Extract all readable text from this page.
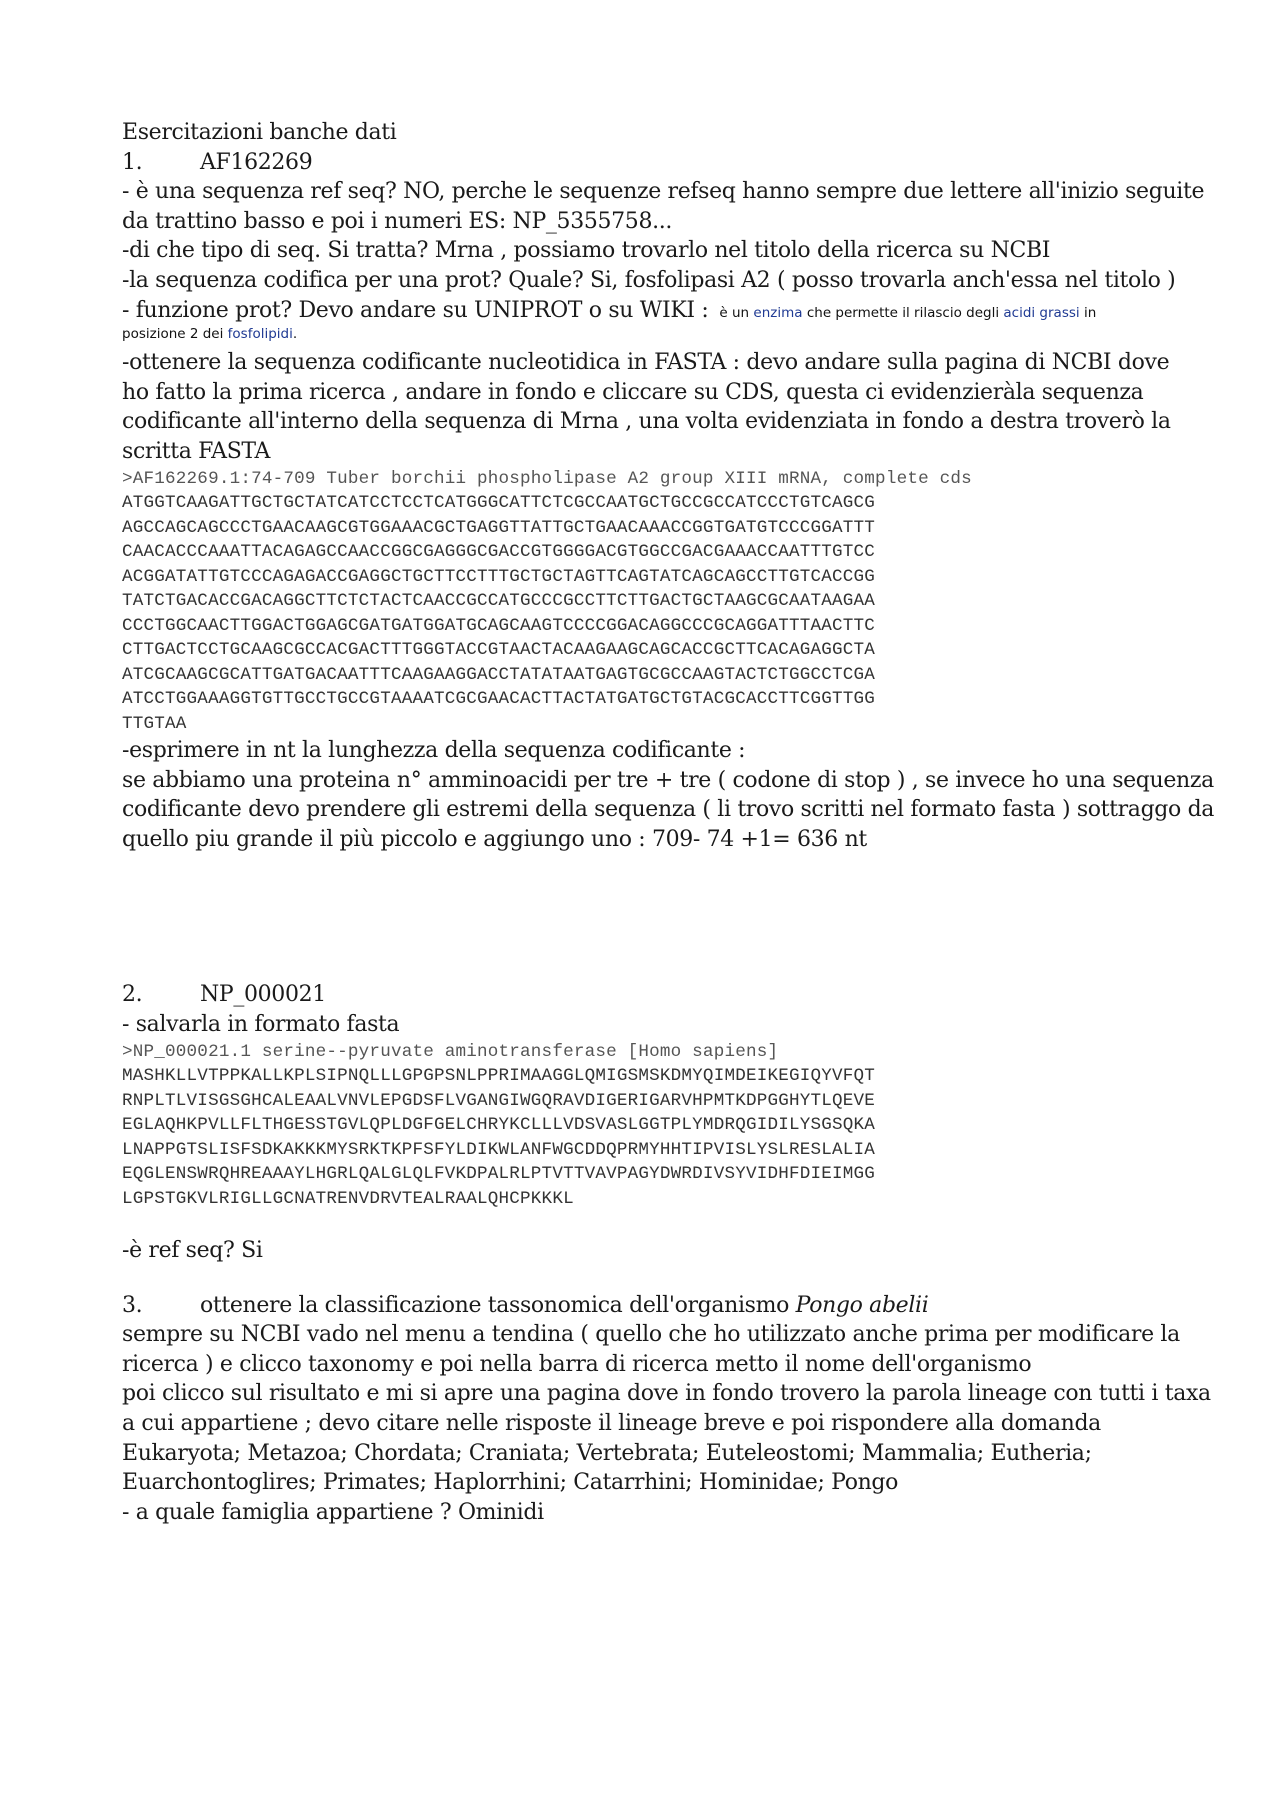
Esercitazioni banche dati
1.	AF162269
- è una sequenza ref seq? NO, perche le sequenze refseq hanno sempre due lettere all'inizio seguite
da trattino basso e poi i numeri ES: NP_5355758...
-di che tipo di seq. Si tratta? Mrna , possiamo trovarlo nel titolo della ricerca su NCBI
-la sequenza codifica per una prot? Quale? Si, fosfolipasi A2 ( posso trovarla anch'essa nel titolo )
- funzione prot? Devo andare su UNIPROT o su WIKI : è un enzima che permette il rilascio degli acidi grassi in
posizione 2 dei fosfolipidi.
-ottenere la sequenza codificante nucleotidica in FASTA : devo andare sulla pagina di NCBI dove
ho fatto la prima ricerca , andare in fondo e cliccare su CDS, questa ci evidenzieràla sequenza
codificante all'interno della sequenza di Mrna , una volta evidenziata in fondo a destra troverò la
scritta FASTA
>AF162269.1:74-709 Tuber borchii phospholipase A2 group XIII mRNA, complete cds
ATGGTCAAGATTGCTGCTATCATCCTCCTCATGGGCATTCTCGCCAATGCTGCCGCCATCCCTGTCAGCG
AGCCAGCAGCCCTGAACAAGCGTGGAAACGCTGAGGTTATTGCTGAACAAACCGGTGATGTCCCGGATTT
CAACACCCAAATTACAGAGCCAACCGGCGAGGGCGACCGTGGGGACGTGGCCGACGAAACCAATTTGTCC
ACGGATATTGTCCCAGAGACCGAGGCTGCTTCCTTTGCTGCTAGTTCAGTATCAGCAGCCTTGTCACCGG
TATCTGACACCGACAGGCTTCTCTACTCAACCGCCATGCCCGCCTTCTTGACTGCTAAGCGCAATAAGAA
CCCTGGCAACTTGGACTGGAGCGATGATGGATGCAGCAAGTCCCCGGACAGGCCCGCAGGATTTAACTTC
CTTGACTCCTGCAAGCGCCACGACTTTGGGTACCGTAACTACAAGAAGCAGCACCGCTTCACAGAGGCTA
ATCGCAAGCGCATTGATGACAATTTCAAGAAGGACCTATATAATGAGTGCGCCAAGTACTCTGGCCTCGA
ATCCTGGAAAGGTGTTGCCTGCCGTAAAATCGCGAACACTTACTATGATGCTGTACGCACCTTCGGTTGG
TTGTAA
-esprimere in nt la lunghezza della sequenza codificante :
se abbiamo una proteina n° amminoacidi per tre + tre ( codone di stop ) , se invece ho una sequenza
codificante devo prendere gli estremi della sequenza ( li trovo scritti nel formato fasta ) sottraggo da
quello piu grande il più piccolo e aggiungo uno : 709- 74 +1= 636 nt
2.	NP_000021
- salvarla in formato fasta
>NP_000021.1 serine--pyruvate aminotransferase [Homo sapiens]
MASHKLLVTPPKALLKPLSIPNQLLLGPGPSNLPPRIMAAGGLQMIGSMSKDMYQIMDEIKEGIQYVFQT
RNPLTLVISGSGHCALEAALVNVLEPGDSFLVGANGIWGQRAVDIGERIGARVHPMTKDPGGHYTLQEVE
EGLAQHKPVLLFLTHGESSTGVLQPLDGFGELCHRYKCLLLVDSVASLGGTPLYMDRQGIDILYSGSQKA
LNAPPGTSLISFSDKAKKKMYSRKTKPFSFYLDIKWLANFWGCDDQPRMYHHTIPVISLYSLRESLALIA
EQGLENSWRQHREAAAYLHGRLQALGLQLFVKDPALRLPTVTTVAVPAGYDWRDIVSYVIDHFDIEIMGG
LGPSTGKVLRIGLLGCNATRENVDRVTEALRAALQHCPKKKL
-è ref seq? Si
3.	ottenere la classificazione tassonomica dell'organismo Pongo abelii
sempre su NCBI vado nel menu a tendina ( quello che ho utilizzato anche prima per modificare la
ricerca ) e clicco taxonomy e poi nella barra di ricerca metto il nome dell'organismo
poi clicco sul risultato e mi si apre una pagina dove in fondo trovero la parola lineage con tutti i taxa
a cui appartiene ; devo citare nelle risposte il lineage breve e poi rispondere alla domanda
Eukaryota; Metazoa; Chordata; Craniata; Vertebrata; Euteleostomi; Mammalia; Eutheria;
Euarchontoglires; Primates; Haplorrhini; Catarrhini; Hominidae; Pongo
- a quale famiglia appartiene ? Ominidi
